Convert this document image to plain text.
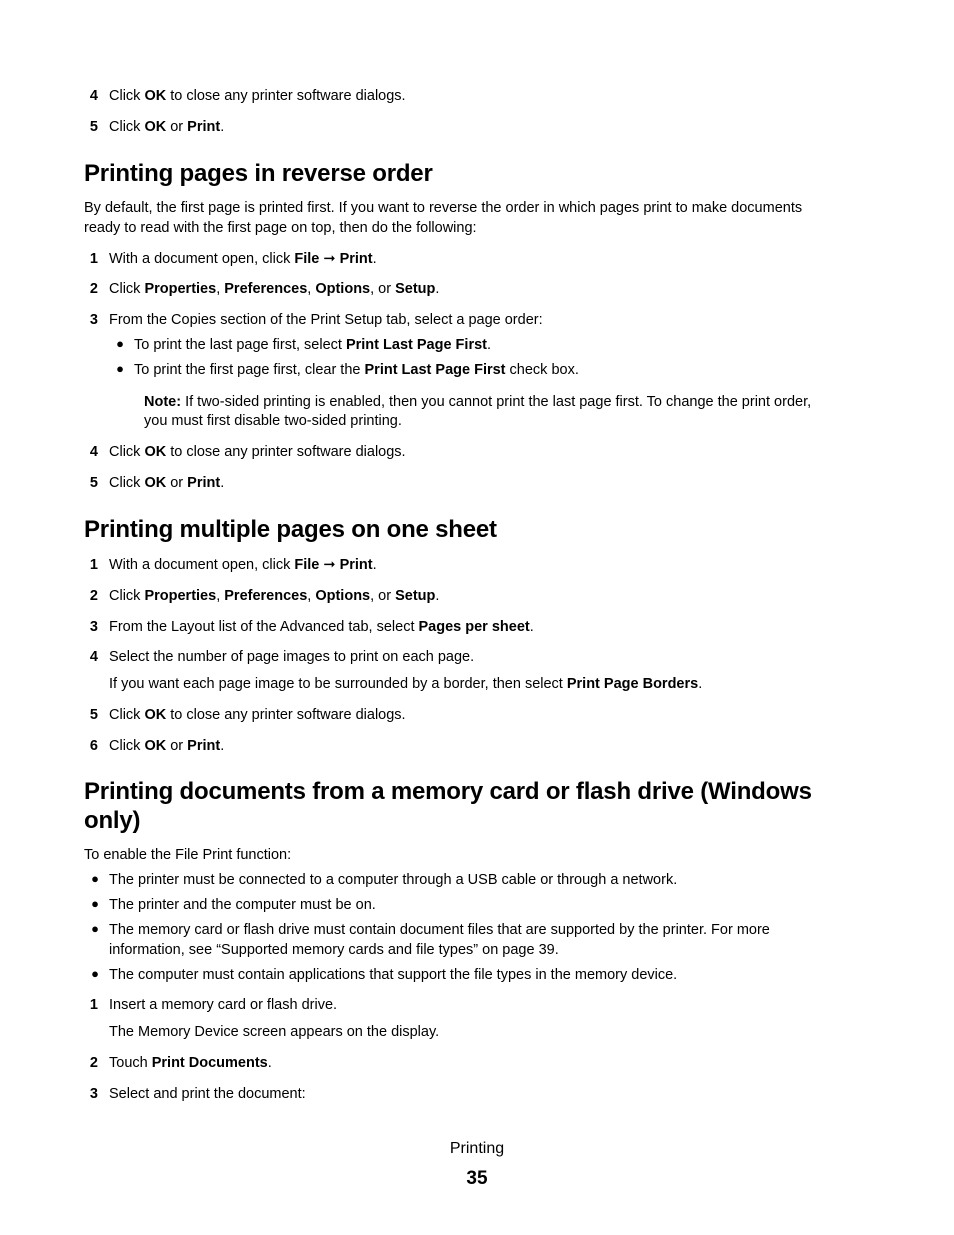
4 Click OK to close any printer software dialogs.
5 Click OK or Print.
Printing pages in reverse order
By default, the first page is printed first. If you want to reverse the order in which pages print to make documents
ready to read with the first page on top, then do the following:
1 With a document open, click File ➞ Print.
2 Click Properties, Preferences, Options, or Setup.
3 From the Copies section of the Print Setup tab, select a page order:
● To print the last page first, select Print Last Page First.
● To print the first page first, clear the Print Last Page First check box.
Note: If two-sided printing is enabled, then you cannot print the last page first. To change the print order,
you must first disable two-sided printing.
4 Click OK to close any printer software dialogs.
5 Click OK or Print.
Printing multiple pages on one sheet
1 With a document open, click File ➞ Print.
2 Click Properties, Preferences, Options, or Setup.
3 From the Layout list of the Advanced tab, select Pages per sheet.
4 Select the number of page images to print on each page.
If you want each page image to be surrounded by a border, then select Print Page Borders.
5 Click OK to close any printer software dialogs.
6 Click OK or Print.
Printing documents from a memory card or flash drive (Windows
only)
To enable the File Print function:
● The printer must be connected to a computer through a USB cable or through a network.
● The printer and the computer must be on.
● The memory card or flash drive must contain document files that are supported by the printer. For more
information, see “Supported memory cards and file types” on page 39.
● The computer must contain applications that support the file types in the memory device.
1 Insert a memory card or flash drive.
The Memory Device screen appears on the display.
2 Touch Print Documents.
3 Select and print the document:
Printing
35
